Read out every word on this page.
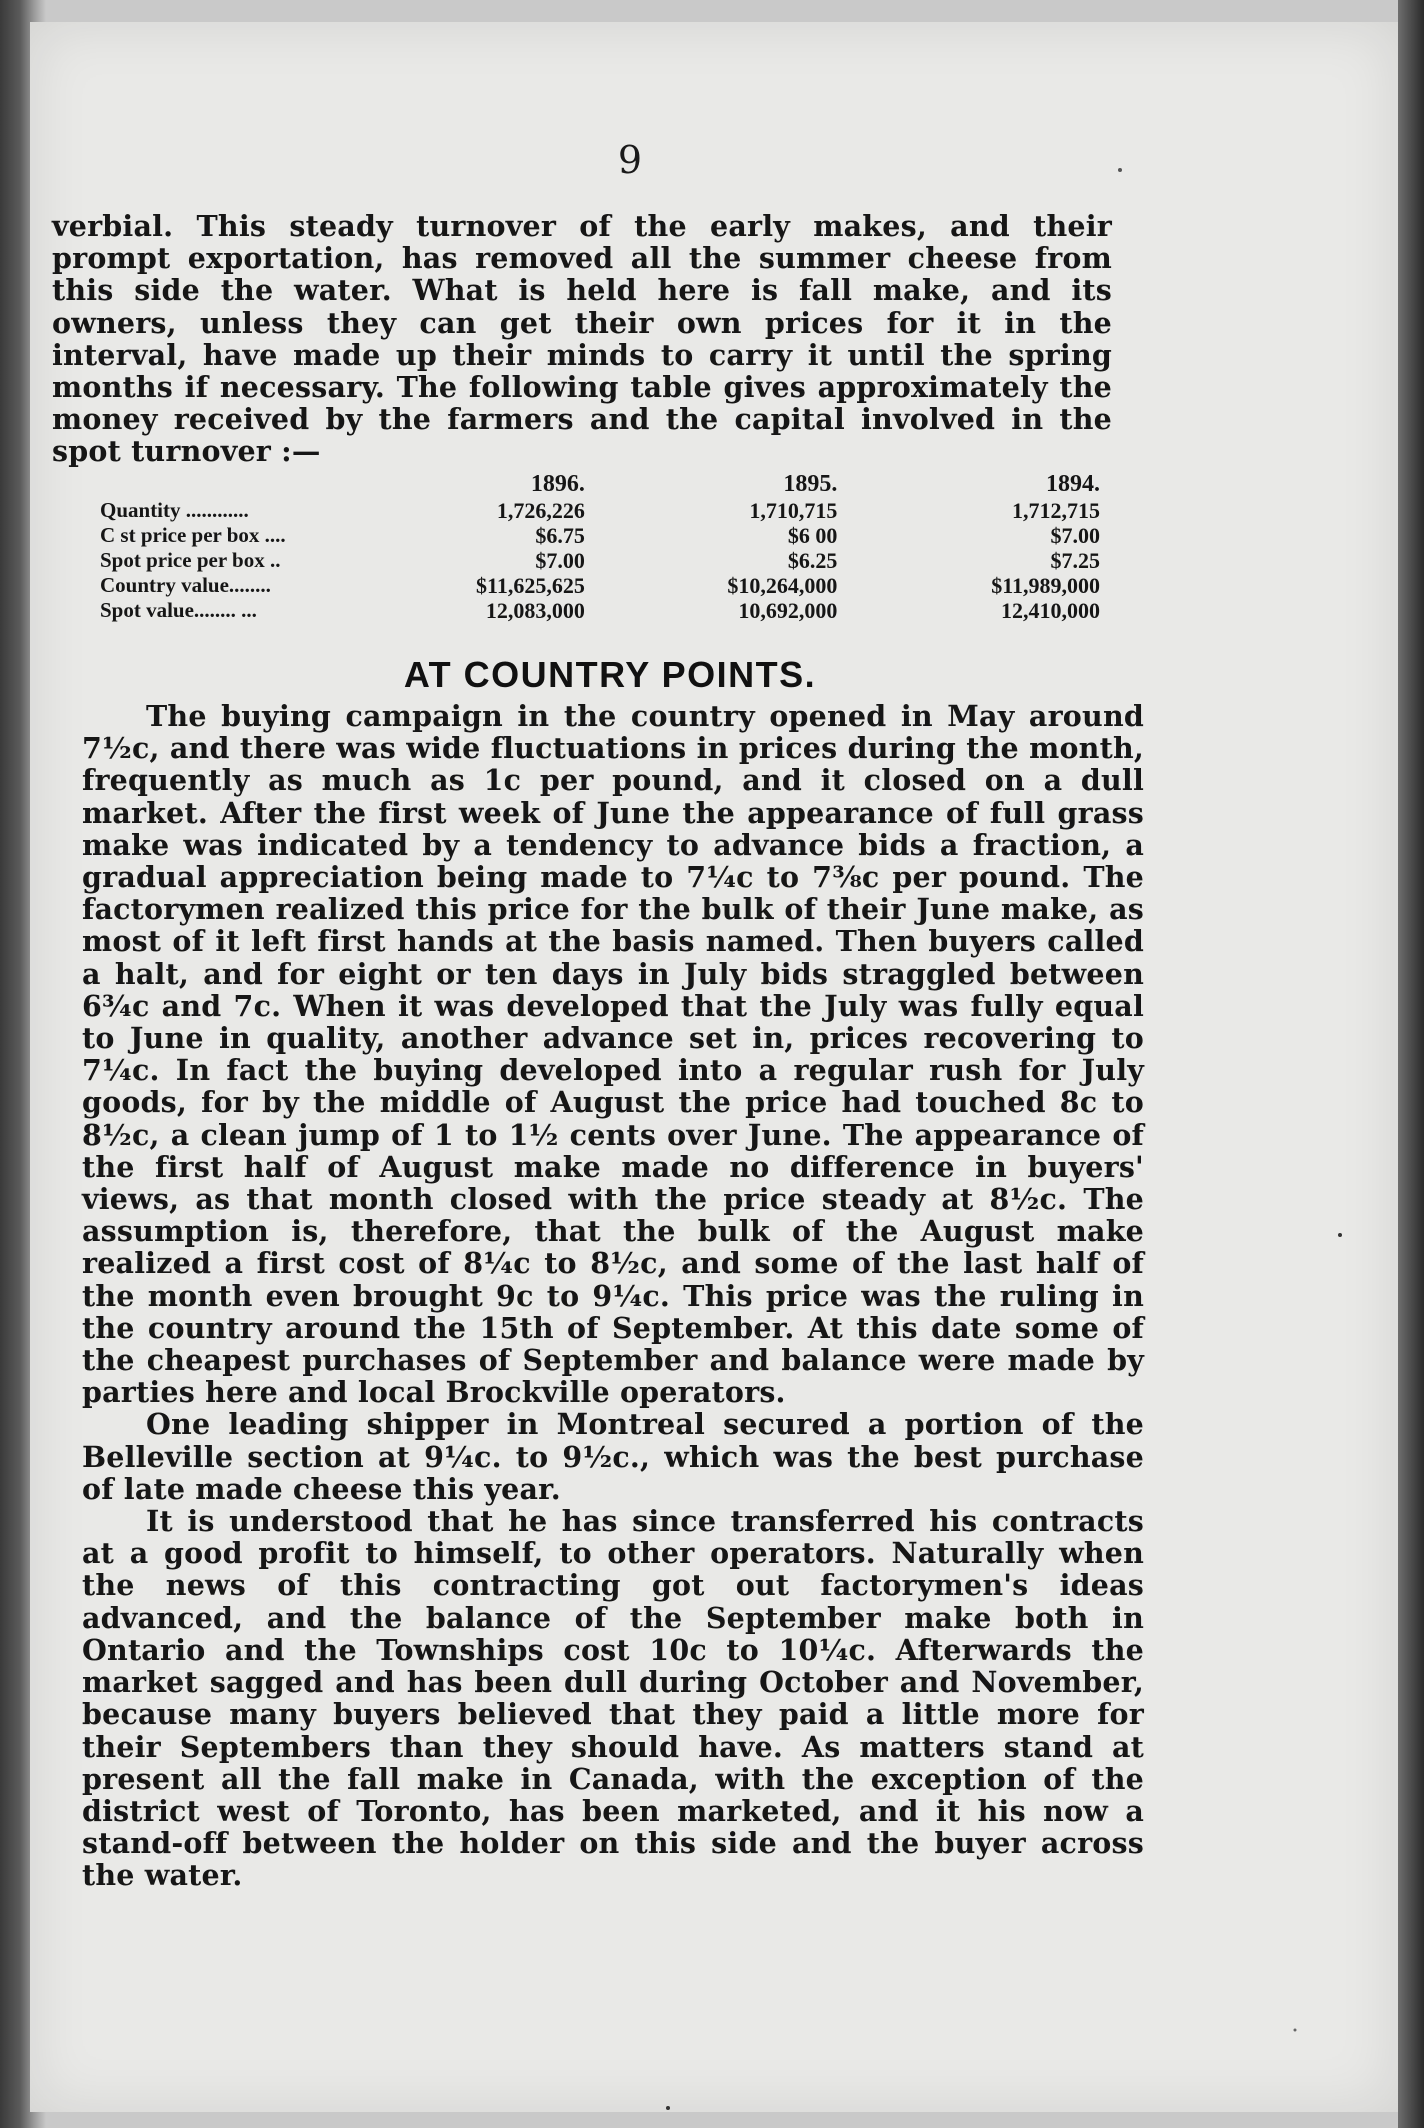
9

verbial. This steady turnover of the early makes, and their prompt exportation, has removed all the summer cheese from this side the water. What is held here is fall make, and its owners, unless they can get their own prices for it in the interval, have made up their minds to carry it until the spring months if necessary. The following table gives approximately the money received by the farmers and the capital involved in the spot turnover :—

	1896.		1895.		1894.
Quantity ............	1,726,226		1,710,715		1,712,715
C st price per box ....	$6.75		$6 00		$7.00
Spot price per box ..	$7.00		$6.25		$7.25
Country value........	$11,625,625		$10,264,000		$11,989,000
Spot value........ ...	12,083,000		10,692,000		12,410,000
AT COUNTRY POINTS.

The buying campaign in the country opened in May around 7½c, and there was wide fluctuations in prices during the month, frequently as much as 1c per pound, and it closed on a dull market. After the first week of June the appearance of full grass make was indicated by a tendency to advance bids a fraction, a gradual appreciation being made to 7¼c to 7⅜c per pound. The factorymen realized this price for the bulk of their June make, as most of it left first hands at the basis named. Then buyers called a halt, and for eight or ten days in July bids straggled between 6¾c and 7c. When it was developed that the July was fully equal to June in quality, another advance set in, prices recovering to 7¼c. In fact the buying developed into a regular rush for July goods, for by the middle of August the price had touched 8c to 8½c, a clean jump of 1 to 1½ cents over June. The appearance of the first half of August make made no difference in buyers' views, as that month closed with the price steady at 8½c. The assumption is, therefore, that the bulk of the August make realized a first cost of 8¼c to 8½c, and some of the last half of the month even brought 9c to 9¼c. This price was the ruling in the country around the 15th of September. At this date some of the cheapest purchases of September and balance were made by parties here and local Brockville operators.

One leading shipper in Montreal secured a portion of the Belleville section at 9¼c. to 9½c., which was the best purchase of late made cheese this year.

It is understood that he has since transferred his contracts at a good profit to himself, to other operators. Naturally when the news of this contracting got out factorymen's ideas advanced, and the balance of the September make both in Ontario and the Townships cost 10c to 10¼c. Afterwards the market sagged and has been dull during October and November, because many buyers believed that they paid a little more for their Septembers than they should have. As matters stand at present all the fall make in Canada, with the exception of the district west of Toronto, has been marketed, and it his now a stand-off between the holder on this side and the buyer across the water.
